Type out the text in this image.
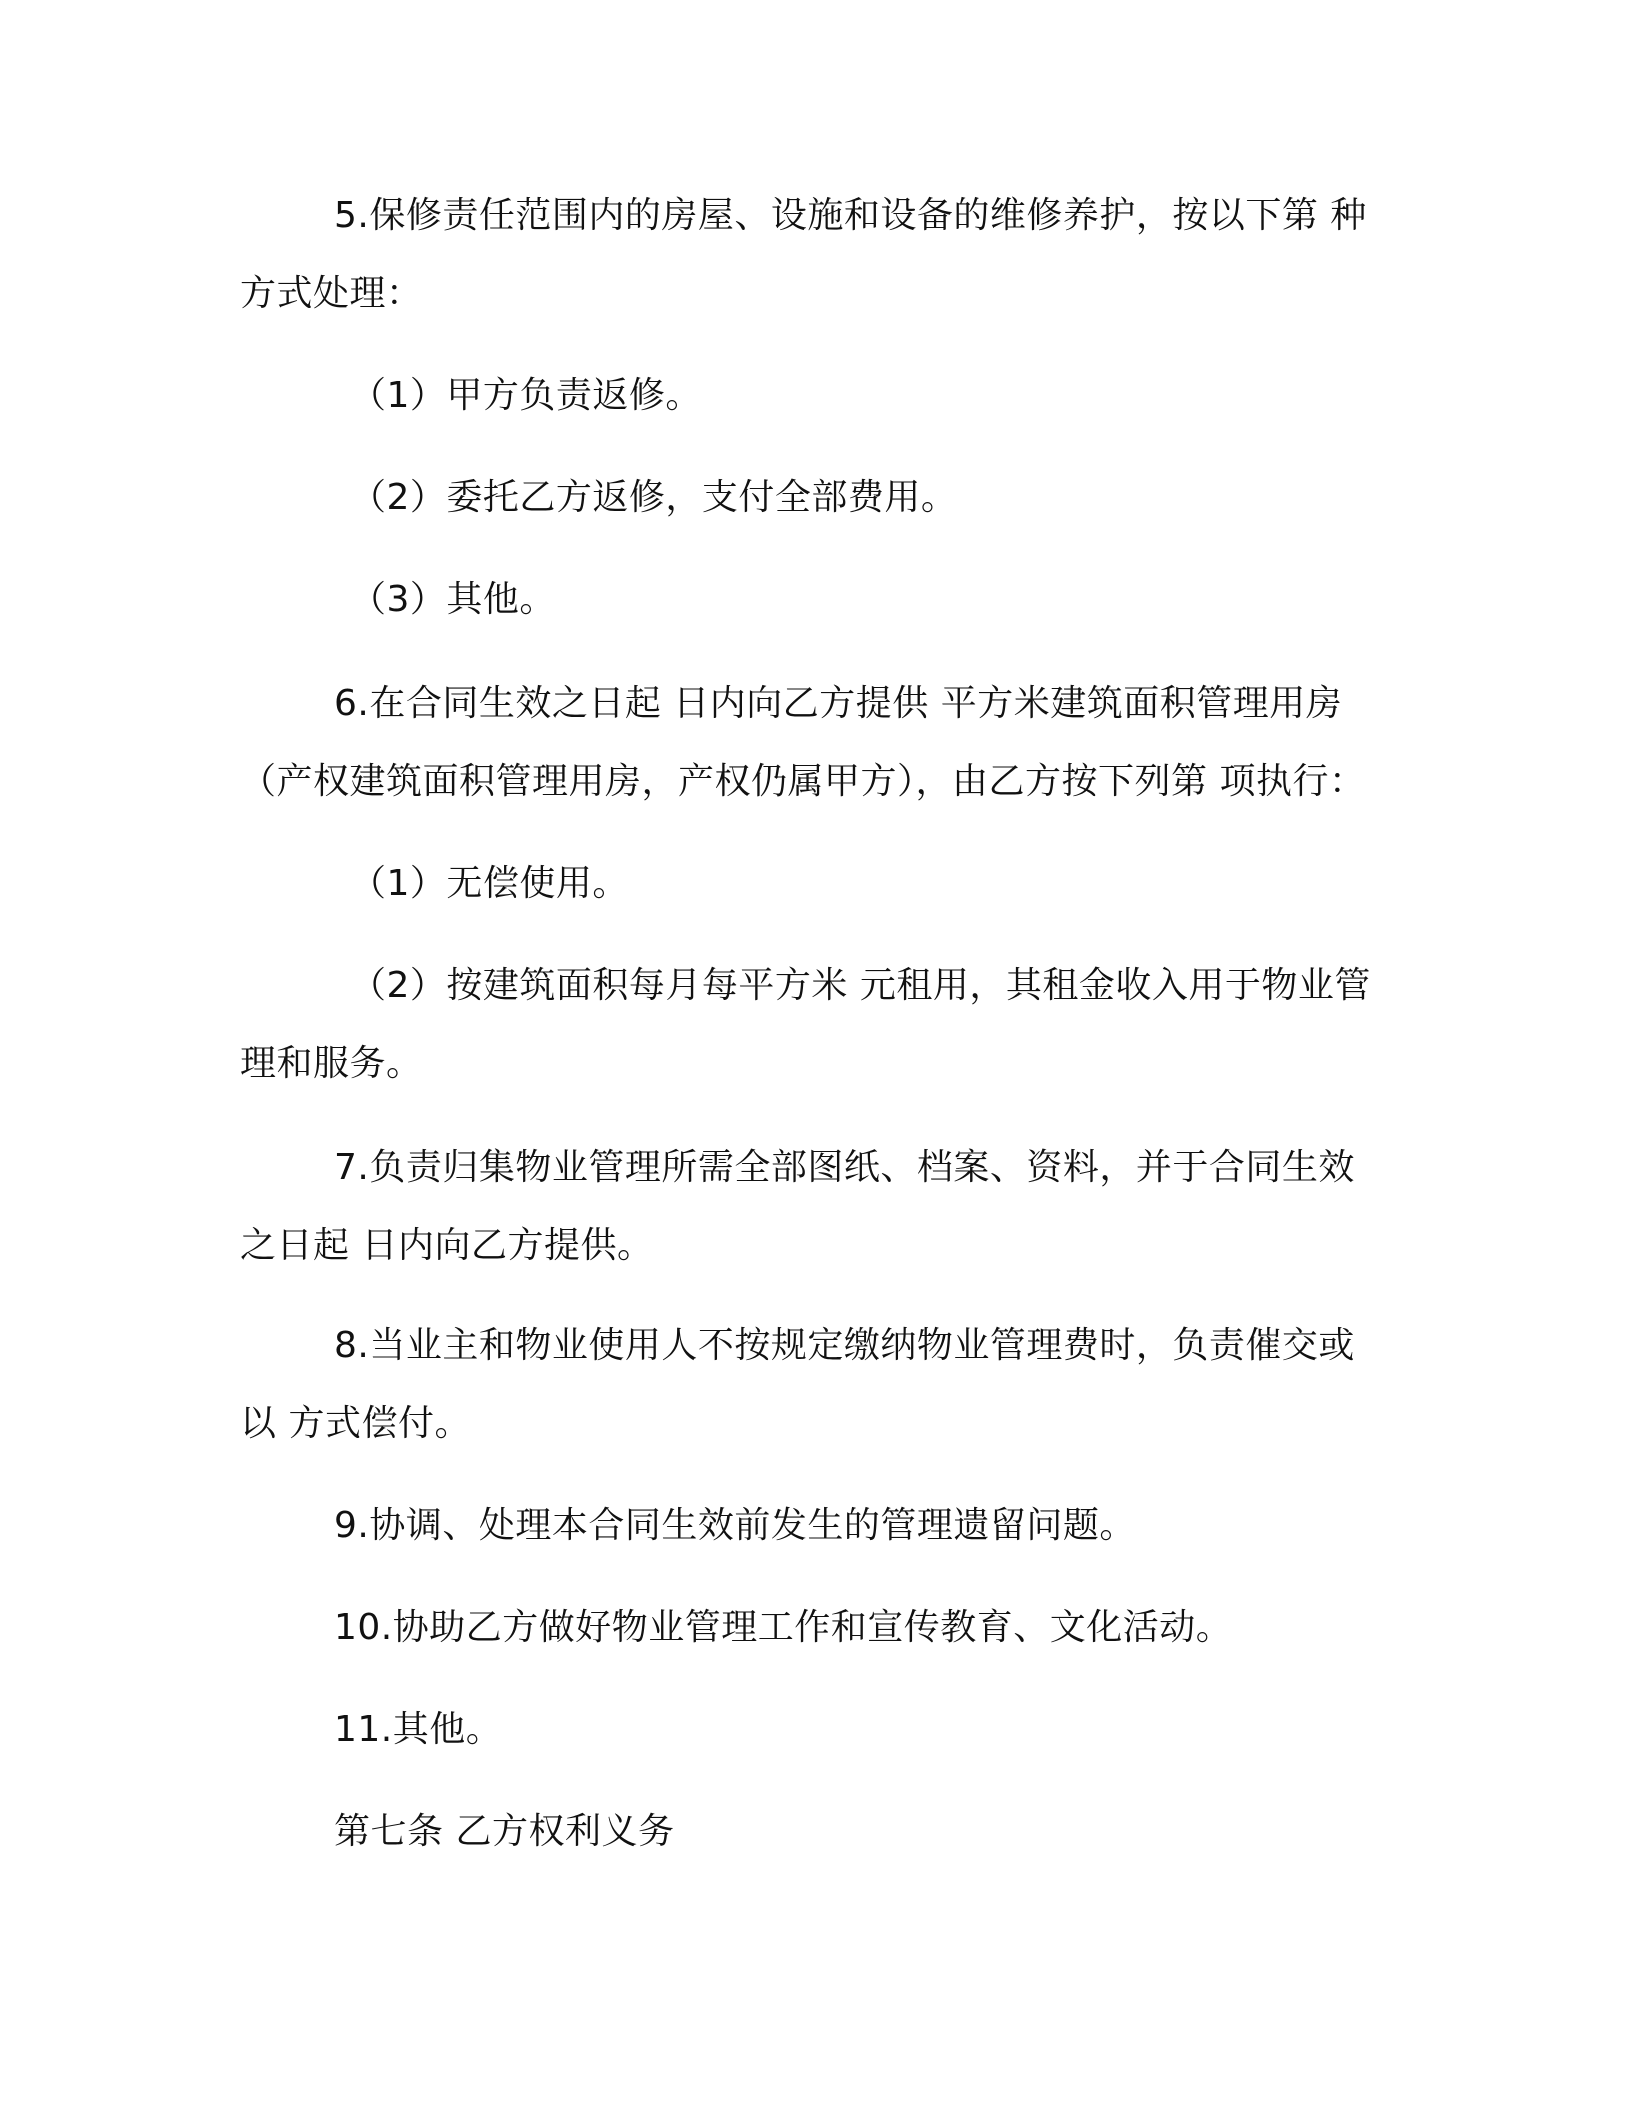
5.保修责任范围内的房屋、设施和设备的维修养护，按以下第 种
方式处理：
（1）甲方负责返修。
（2）委托乙方返修，支付全部费用。
（3）其他。
6.在合同生效之日起 日内向乙方提供 平方米建筑面积管理用房
（产权建筑面积管理用房，产权仍属甲方），由乙方按下列第 项执行：
（1）无偿使用。
（2）按建筑面积每月每平方米 元租用，其租金收入用于物业管
理和服务。
7.负责归集物业管理所需全部图纸、档案、资料，并于合同生效
之日起 日内向乙方提供。
8.当业主和物业使用人不按规定缴纳物业管理费时，负责催交或
以 方式偿付。
9.协调、处理本合同生效前发生的管理遗留问题。
10.协助乙方做好物业管理工作和宣传教育、文化活动。
11.其他。
第七条 乙方权利义务
